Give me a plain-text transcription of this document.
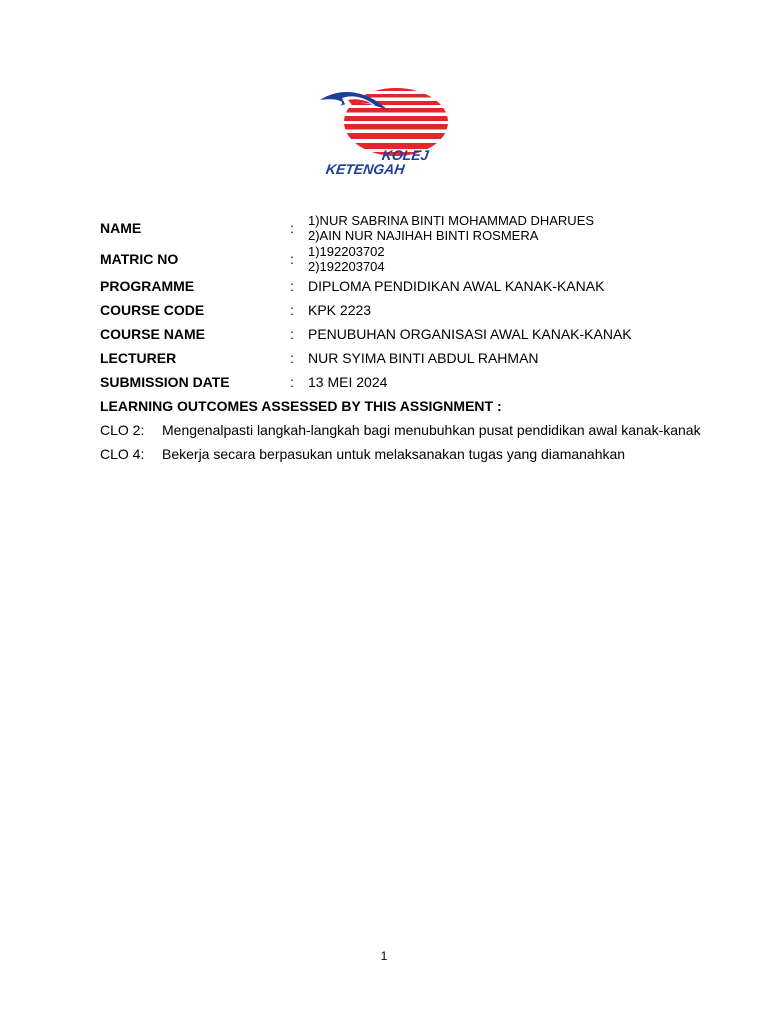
KOLEJ
KETENGAH
NAME	:	1)NUR SABRINA BINTI MOHAMMAD DHARUES
2)AIN NUR NAJIHAH BINTI ROSMERA
MATRIC NO	:	1)192203702
2)192203704
PROGRAMME	:	DIPLOMA PENDIDIKAN AWAL KANAK-KANAK
COURSE CODE	:	KPK 2223
COURSE NAME	:	PENUBUHAN ORGANISASI AWAL KANAK-KANAK
LECTURER	:	NUR SYIMA BINTI ABDUL RAHMAN
SUBMISSION DATE	:	13 MEI 2024
LEARNING OUTCOMES ASSESSED BY THIS ASSIGNMENT :
CLO 2:	Mengenalpasti langkah-langkah bagi menubuhkan pusat pendidikan awal kanak-kanak
CLO 4:	Bekerja secara berpasukan untuk melaksanakan tugas yang diamanahkan
1
